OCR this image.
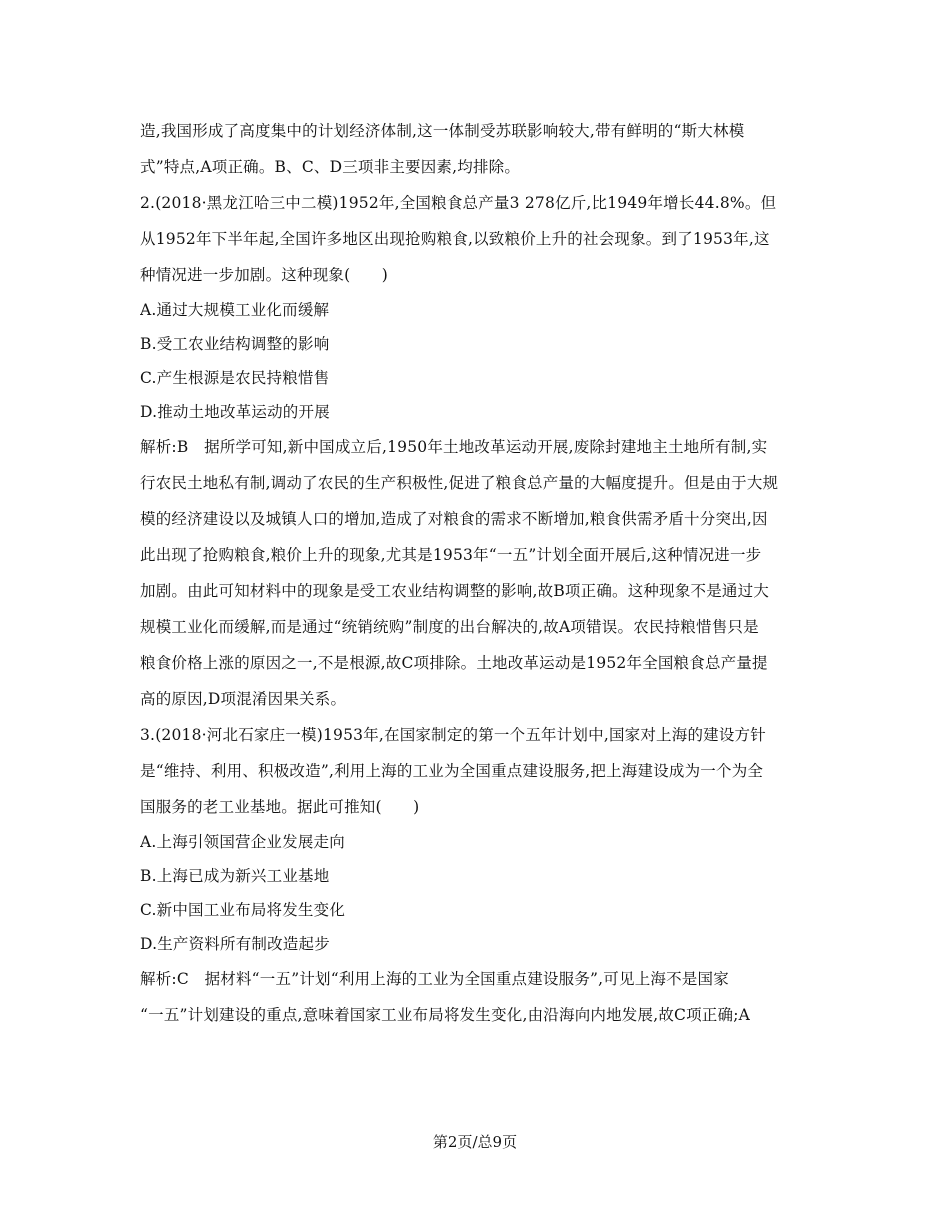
造,我国形成了高度集中的计划经济体制,这一体制受苏联影响较大,带有鲜明的“斯大林模

式”特点,A项正确。B、C、D三项非主要因素,均排除。

2.(2018·黑龙江哈三中二模)1952年,全国粮食总产量3 278亿斤,比1949年增长44.8%。但

从1952年下半年起,全国许多地区出现抢购粮食,以致粮价上升的社会现象。到了1953年,这

种情况进一步加剧。这种现象(　　)

A.通过大规模工业化而缓解

B.受工农业结构调整的影响

C.产生根源是农民持粮惜售

D.推动土地改革运动的开展

解析:B　据所学可知,新中国成立后,1950年土地改革运动开展,废除封建地主土地所有制,实

行农民土地私有制,调动了农民的生产积极性,促进了粮食总产量的大幅度提升。但是由于大规

模的经济建设以及城镇人口的增加,造成了对粮食的需求不断增加,粮食供需矛盾十分突出,因

此出现了抢购粮食,粮价上升的现象,尤其是1953年“一五”计划全面开展后,这种情况进一步

加剧。由此可知材料中的现象是受工农业结构调整的影响,故B项正确。这种现象不是通过大

规模工业化而缓解,而是通过“统销统购”制度的出台解决的,故A项错误。农民持粮惜售只是

粮食价格上涨的原因之一,不是根源,故C项排除。土地改革运动是1952年全国粮食总产量提

高的原因,D项混淆因果关系。

3.(2018·河北石家庄一模)1953年,在国家制定的第一个五年计划中,国家对上海的建设方针

是“维持、利用、积极改造”,利用上海的工业为全国重点建设服务,把上海建设成为一个为全

国服务的老工业基地。据此可推知(　　)

A.上海引领国营企业发展走向

B.上海已成为新兴工业基地

C.新中国工业布局将发生变化

D.生产资料所有制改造起步

解析:C　据材料“一五”计划“利用上海的工业为全国重点建设服务”,可见上海不是国家

“一五”计划建设的重点,意味着国家工业布局将发生变化,由沿海向内地发展,故C项正确;A

第2页/总9页
